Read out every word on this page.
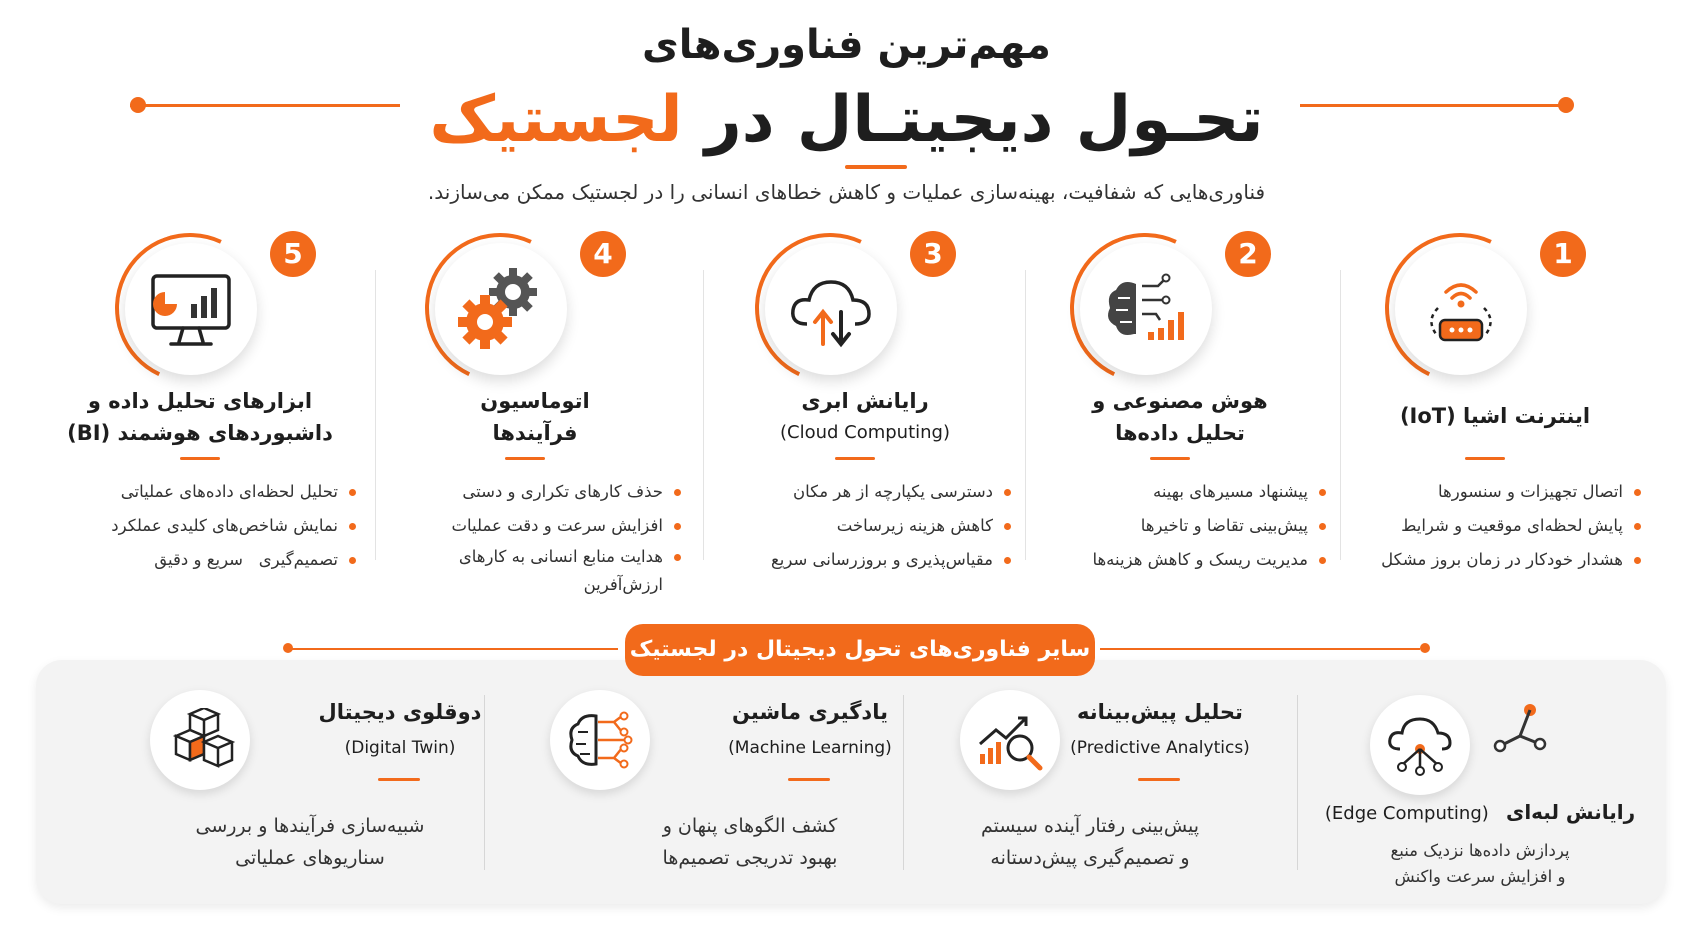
مهم‌ترین فناوری‌های
تحـول دیجیتـال در لجستیک
فناوری‌هایی که شفافیت، بهینه‌سازی عملیات و کاهش خطاهای انسانی را در لجستیک ممکن می‌سازند.
1
اینترنت اشیا (IoT)
اتصال تجهیزات و سنسورها
پایش لحظه‌ای موقعیت و شرایط
هشدار خودکار در زمان بروز مشکل
2
هوش مصنوعی و
تحلیل داده‌ها
پیشنهاد مسیرهای بهینه
پیش‌بینی تقاضا و تاخیرها
مدیریت ریسک و کاهش هزینه‌ها
3
رایانش ابری
(Cloud Computing)
دسترسی یکپارچه از هر مکان
کاهش هزینه زیرساخت
مقیاس‌پذیری و بروزرسانی سریع
4
اتوماسیون
فرآیندها
حذف کارهای تکراری و دستی
افزایش سرعت و دقت عملیات
هدایت منابع انسانی به کارهای ارزش‌آفرین
5
ابزارهای تحلیل داده و
داشبوردهای هوشمند (BI)
تحلیل لحظه‌ای داده‌های عملیاتی
نمایش شاخص‌های کلیدی عملکرد
تصمیم‌گیری   سریع و دقیق
سایر فناوری‌های تحول دیجیتال در لجستیک
رایانش لبه‌ای   (Edge Computing)
پردازش داده‌ها نزدیک منبع
و افزایش سرعت واکنش
تحلیل پیش‌بینانه
(Predictive Analytics)
پیش‌بینی رفتار آینده سیستم
و تصمیم‌گیری پیش‌دستانه
یادگیری ماشین
(Machine Learning)
کشف الگوهای پنهان و
بهبود تدریجی تصمیم‌ها
دوقلوی دیجیتال
(Digital Twin)
شبیه‌سازی فرآیندها و بررسی
سناریوهای عملیاتی
